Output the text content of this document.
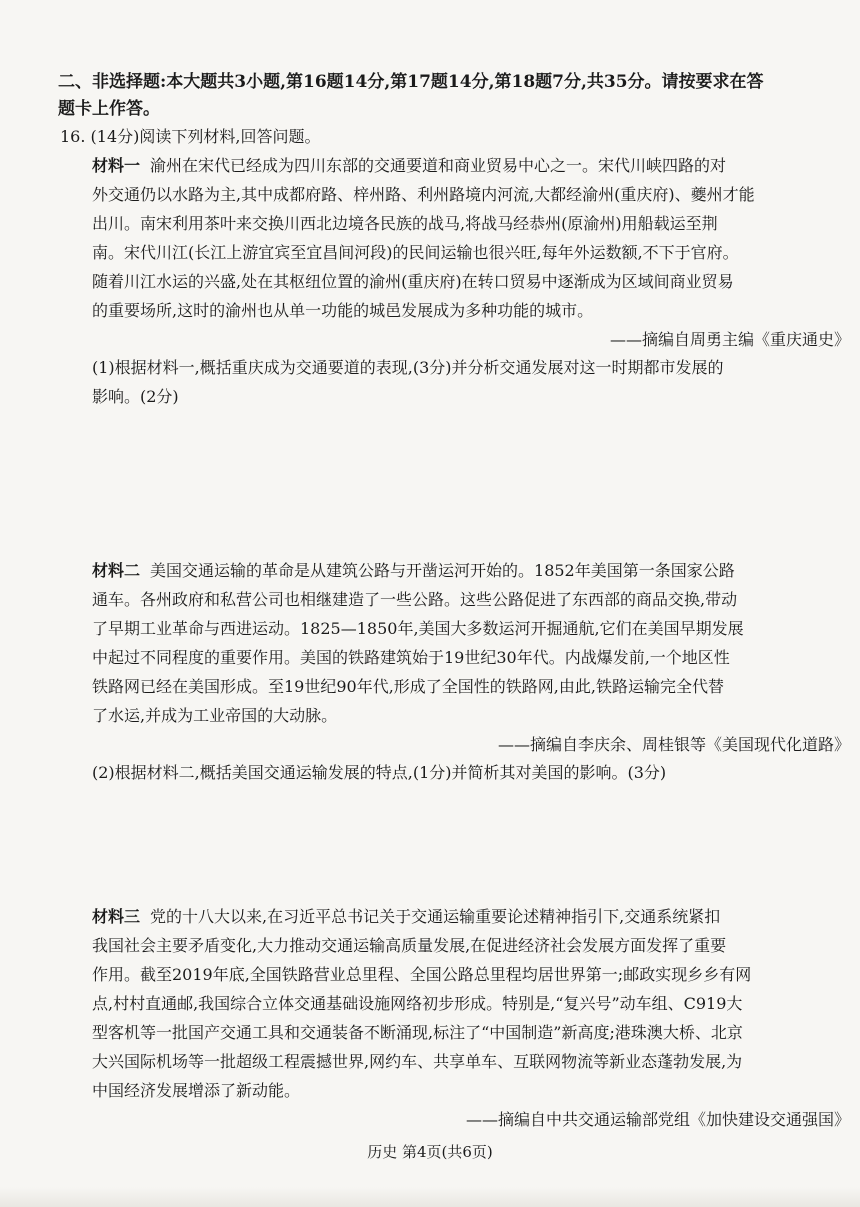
二、非选择题:本大题共3小题,第16题14分,第17题14分,第18题7分,共35分。请按要求在答
题卡上作答。
16. (14分)阅读下列材料,回答问题。
材料一 渝州在宋代已经成为四川东部的交通要道和商业贸易中心之一。宋代川峡四路的对
外交通仍以水路为主,其中成都府路、梓州路、利州路境内河流,大都经渝州(重庆府)、夔州才能
出川。南宋利用茶叶来交换川西北边境各民族的战马,将战马经恭州(原渝州)用船载运至荆
南。宋代川江(长江上游宜宾至宜昌间河段)的民间运输也很兴旺,每年外运数额,不下于官府。
随着川江水运的兴盛,处在其枢纽位置的渝州(重庆府)在转口贸易中逐渐成为区域间商业贸易
的重要场所,这时的渝州也从单一功能的城邑发展成为多种功能的城市。
——摘编自周勇主编《重庆通史》
(1)根据材料一,概括重庆成为交通要道的表现,(3分)并分析交通发展对这一时期都市发展的
影响。(2分)
材料二 美国交通运输的革命是从建筑公路与开凿运河开始的。1852年美国第一条国家公路
通车。各州政府和私营公司也相继建造了一些公路。这些公路促进了东西部的商品交换,带动
了早期工业革命与西进运动。1825—1850年,美国大多数运河开掘通航,它们在美国早期发展
中起过不同程度的重要作用。美国的铁路建筑始于19世纪30年代。内战爆发前,一个地区性
铁路网已经在美国形成。至19世纪90年代,形成了全国性的铁路网,由此,铁路运输完全代替
了水运,并成为工业帝国的大动脉。
——摘编自李庆余、周桂银等《美国现代化道路》
(2)根据材料二,概括美国交通运输发展的特点,(1分)并简析其对美国的影响。(3分)
材料三 党的十八大以来,在习近平总书记关于交通运输重要论述精神指引下,交通系统紧扣
我国社会主要矛盾变化,大力推动交通运输高质量发展,在促进经济社会发展方面发挥了重要
作用。截至2019年底,全国铁路营业总里程、全国公路总里程均居世界第一;邮政实现乡乡有网
点,村村直通邮,我国综合立体交通基础设施网络初步形成。特别是,“复兴号”动车组、C919大
型客机等一批国产交通工具和交通装备不断涌现,标注了“中国制造”新高度;港珠澳大桥、北京
大兴国际机场等一批超级工程震撼世界,网约车、共享单车、互联网物流等新业态蓬勃发展,为
中国经济发展增添了新动能。
——摘编自中共交通运输部党组《加快建设交通强国》
历史 第4页(共6页)
